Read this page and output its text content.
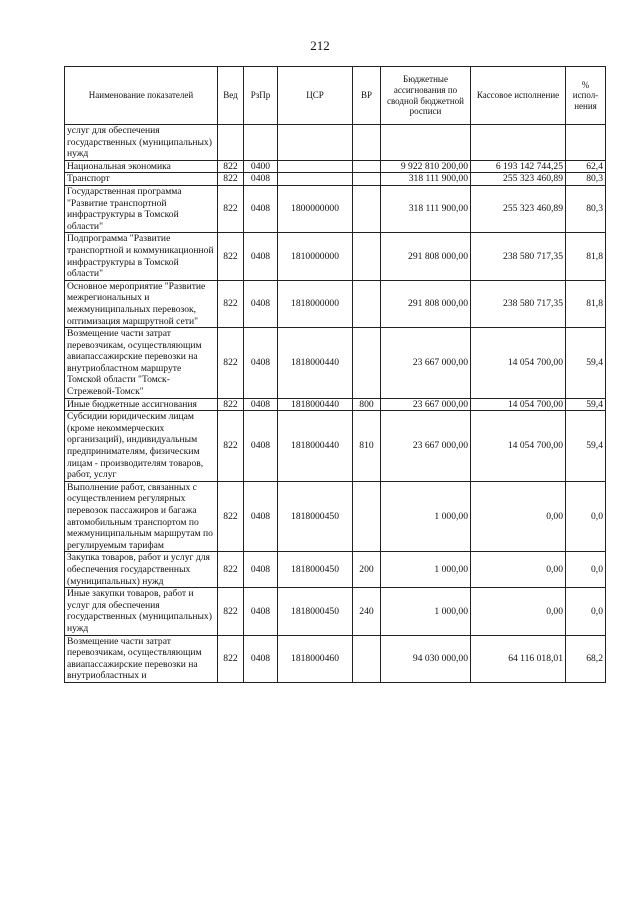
212
Наименование показателей	Вед	РзПр	ЦСР	ВР	Бюджетные ассигнования по сводной бюджетной росписи	Кассовое исполнение	% испол-нения
услуг для обеспечения государственных (муниципальных) нужд							
Национальная экономика	822	0400			9 922 810 200,00	6 193 142 744,25	62,4
Транспорт	822	0408			318 111 900,00	255 323 460,89	80,3
Государственная программа "Развитие транспортной инфраструктуры в Томской области"	822	0408	1800000000		318 111 900,00	255 323 460,89	80,3
Подпрограмма "Развитие транспортной и коммуникационной инфраструктуры в Томской области"	822	0408	1810000000		291 808 000,00	238 580 717,35	81,8
Основное мероприятие "Развитие межрегиональных и межмуниципальных перевозок, оптимизация маршрутной сети"	822	0408	1818000000		291 808 000,00	238 580 717,35	81,8
Возмещение части затрат перевозчикам, осуществляющим авиапассажирские перевозки на внутриобластном маршруте Томской области "Томск-Стрежевой-Томск"	822	0408	1818000440		23 667 000,00	14 054 700,00	59,4
Иные бюджетные ассигнования	822	0408	1818000440	800	23 667 000,00	14 054 700,00	59,4
Субсидии юридическим лицам (кроме некоммерческих организаций), индивидуальным предпринимателям, физическим лицам - производителям товаров, работ, услуг	822	0408	1818000440	810	23 667 000,00	14 054 700,00	59,4
Выполнение работ, связанных с осуществлением регулярных перевозок пассажиров и багажа автомобильным транспортом по межмуниципальным маршрутам по регулируемым тарифам	822	0408	1818000450		1 000,00	0,00	0,0
Закупка товаров, работ и услуг для обеспечения государственных (муниципальных) нужд	822	0408	1818000450	200	1 000,00	0,00	0,0
Иные закупки товаров, работ и услуг для обеспечения государственных (муниципальных) нужд	822	0408	1818000450	240	1 000,00	0,00	0,0
Возмещение части затрат перевозчикам, осуществляющим авиапассажирские перевозки на внутриобластных и	822	0408	1818000460		94 030 000,00	64 116 018,01	68,2
